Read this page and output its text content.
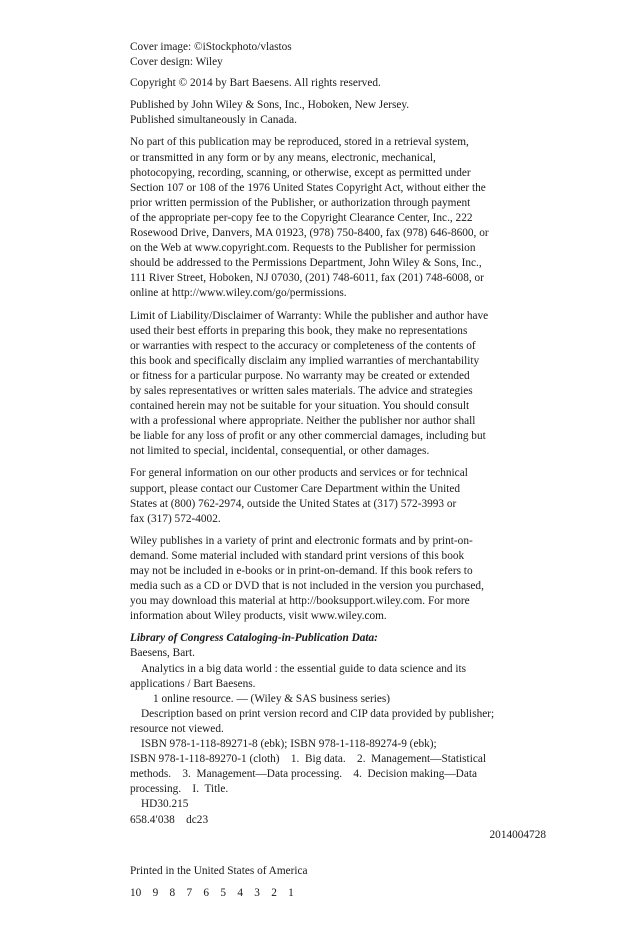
Cover image: ©iStockphoto/vlastos
Cover design: Wiley
Copyright © 2014 by Bart Baesens. All rights reserved.
Published by John Wiley & Sons, Inc., Hoboken, New Jersey.
Published simultaneously in Canada.
No part of this publication may be reproduced, stored in a retrieval system,
or transmitted in any form or by any means, electronic, mechanical,
photocopying, recording, scanning, or otherwise, except as permitted under
Section 107 or 108 of the 1976 United States Copyright Act, without either the
prior written permission of the Publisher, or authorization through payment
of the appropriate per-copy fee to the Copyright Clearance Center, Inc., 222
Rosewood Drive, Danvers, MA 01923, (978) 750-8400, fax (978) 646-8600, or
on the Web at www.copyright.com. Requests to the Publisher for permission
should be addressed to the Permissions Department, John Wiley & Sons, Inc.,
111 River Street, Hoboken, NJ 07030, (201) 748-6011, fax (201) 748-6008, or
online at http://www.wiley.com/go/permissions.
Limit of Liability/Disclaimer of Warranty: While the publisher and author have
used their best efforts in preparing this book, they make no representations
or warranties with respect to the accuracy or completeness of the contents of
this book and specifically disclaim any implied warranties of merchantability
or fitness for a particular purpose. No warranty may be created or extended
by sales representatives or written sales materials. The advice and strategies
contained herein may not be suitable for your situation. You should consult
with a professional where appropriate. Neither the publisher nor author shall
be liable for any loss of profit or any other commercial damages, including but
not limited to special, incidental, consequential, or other damages.
For general information on our other products and services or for technical
support, please contact our Customer Care Department within the United
States at (800) 762-2974, outside the United States at (317) 572-3993 or
fax (317) 572-4002.
Wiley publishes in a variety of print and electronic formats and by print-on-
demand. Some material included with standard print versions of this book
may not be included in e-books or in print-on-demand. If this book refers to
media such as a CD or DVD that is not included in the version you purchased,
you may download this material at http://booksupport.wiley.com. For more
information about Wiley products, visit www.wiley.com.
Library of Congress Cataloging-in-Publication Data:
Baesens, Bart.
Analytics in a big data world : the essential guide to data science and its
applications / Bart Baesens.
1 online resource. — (Wiley & SAS business series)
Description based on print version record and CIP data provided by publisher;
resource not viewed.
ISBN 978-1-118-89271-8 (ebk); ISBN 978-1-118-89274-9 (ebk);
ISBN 978-1-118-89270-1 (cloth)    1.  Big data.    2.  Management—Statistical
methods.    3.  Management—Data processing.    4.  Decision making—Data
processing.    I.  Title.
HD30.215
658.4′038    dc23
2014004728
Printed in the United States of America
10    9    8    7    6    5    4    3    2    1
